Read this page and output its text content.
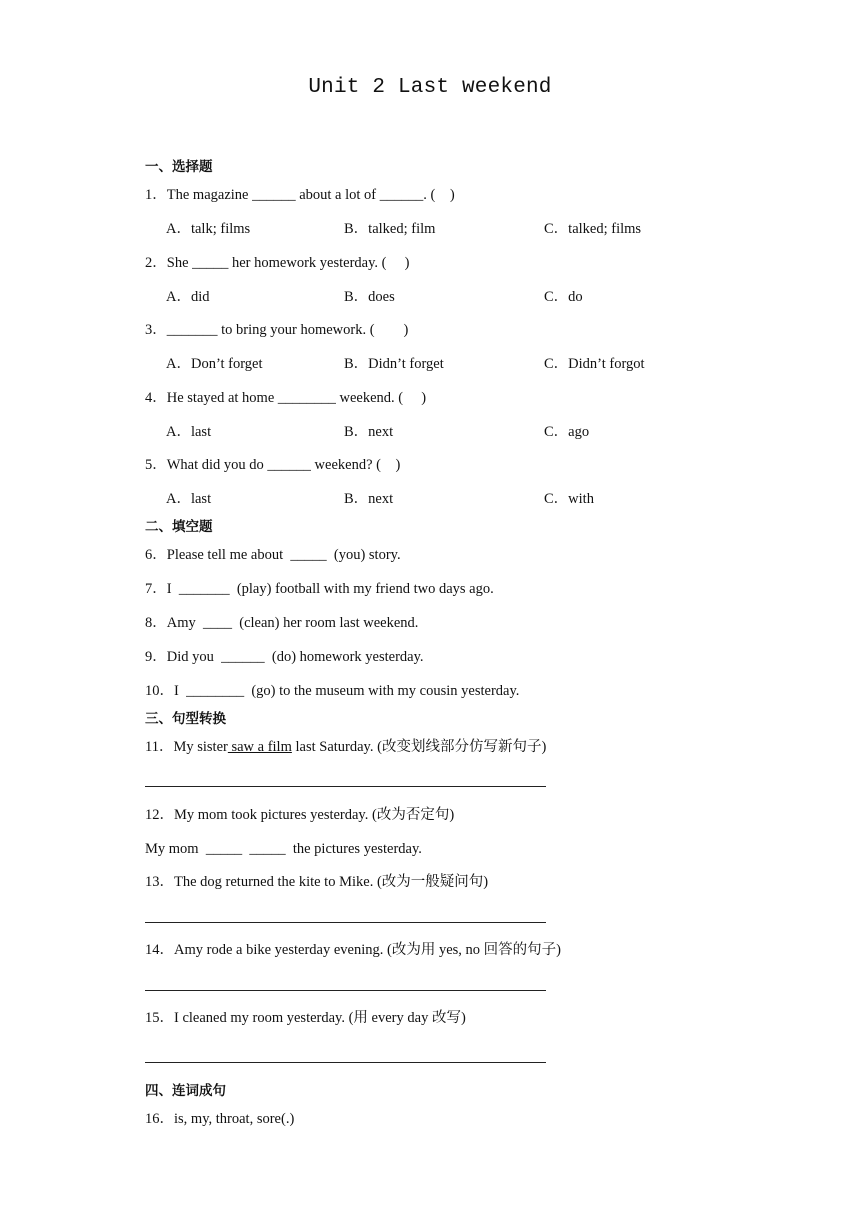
Unit 2 Last weekend
一、选择题
1．The magazine ______ about a lot of ______. (    )

A．talk; films

	B．talked; film

	C．talked; films

2．She _____ her homework yesterday. (     )

A．did

	B．does

	C．do

3．_______ to bring your homework. (        )

A．Don’t forget

	B．Didn’t forget

	C．Didn’t forgot

4．He stayed at home ________ weekend. (     )

A．last

	B．next

	C．ago

5．What did you do ______ weekend? (    )

A．last

	B．next

	C．with

二、填空题
6．Please tell me about  _____  (you) story.
7．I  _______  (play) football with my friend two days ago.
8．Amy  ____  (clean) her room last weekend.
9．Did you  ______  (do) homework yesterday.
10．I  ________  (go) to the museum with my cousin yesterday.
三、句型转换
11．My sister saw a film last Saturday. (改变划线部分仿写新句子)
12．My mom took pictures yesterday. (改为否定句)
My mom  _____  _____  the pictures yesterday.
13．The dog returned the kite to Mike. (改为一般疑问句)
14．Amy rode a bike yesterday evening. (改为用 yes, no 回答的句子)
15．I cleaned my room yesterday. (用 every day 改写)
四、连词成句
16．is, my, throat, sore(.)
